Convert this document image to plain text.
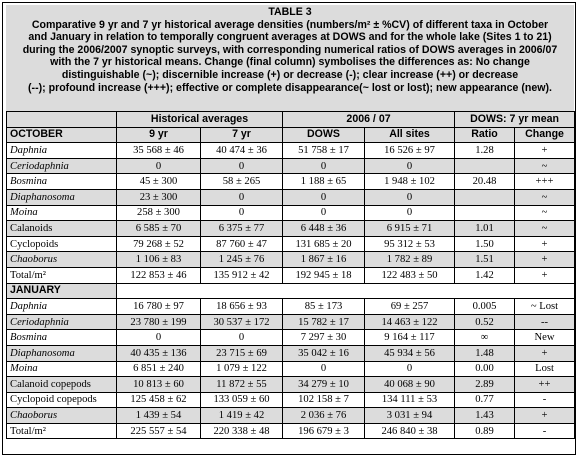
TABLE 3
Comparative 9 yr and 7 yr historical average densities (numbers/m² ± %CV) of different taxa in October
and January in relation to temporally congruent averages at DOWS and for the whole lake (Sites 1 to 21)
during the 2006/2007 synoptic surveys, with corresponding numerical ratios of DOWS averages in 2006/07
with the 7 yr historical means. Change (final column) symbolises the differences as: No change
distinguishable (~); discernible increase (+) or decrease (-); clear increase (++) or decrease
(--); profound increase (+++); effective or complete disappearance(~ lost or lost); new appearance (new).
	Historical averages		2006 / 07		DOWS: 7 yr mean	
OCTOBER	9 yr	7 yr	DOWS	All sites	Ratio	Change
Daphnia	35 568 ± 46	40 474 ± 36	51 758 ± 17	16 526 ± 97	1.28	+
Ceriodaphnia	0	0	0	0		~
Bosmina	45 ± 300	58 ± 265	1 188 ± 65	1 948 ± 102	20.48	+++
Diaphanosoma	23 ± 300	0	0	0		~
Moina	258 ± 300	0	0	0		~
Calanoids	6 585 ± 70	6 375 ± 77	6 448 ± 36	6 915 ± 71	1.01	~
Cyclopoids	79 268 ± 52	87 760 ± 47	131 685 ± 20	95 312 ± 53	1.50	+
Chaoborus	1 106 ± 83	1 245 ± 76	1 867 ± 16	1 782 ± 89	1.51	+
Total/m²	122 853 ± 46	135 912 ± 42	192 945 ± 18	122 483 ± 50	1.42	+
JANUARY						
Daphnia	16 780 ± 97	18 656 ± 93	85 ± 173	69 ± 257	0.005	~ Lost
Ceriodaphnia	23 780 ± 199	30 537 ± 172	15 782 ± 17	14 463 ± 122	0.52	--
Bosmina	0	0	7 297 ± 30	9 164 ± 117	∞	New
Diaphanosoma	40 435 ± 136	23 715 ± 69	35 042 ± 16	45 934 ± 56	1.48	+
Moina	6 851 ± 240	1 079 ± 122	0	0	0.00	Lost
Calanoid copepods	10 813 ± 60	11 872 ± 55	34 279 ± 10	40 068 ± 90	2.89	++
Cyclopoid copepods	125 458 ± 62	133 059 ± 60	102 158 ± 7	134 111 ± 53	0.77	-
Chaoborus	1 439 ± 54	1 419 ± 42	2 036 ± 76	3 031 ± 94	1.43	+
Total/m²	225 557 ± 54	220 338 ± 48	196 679 ± 3	246 840 ± 38	0.89	-
